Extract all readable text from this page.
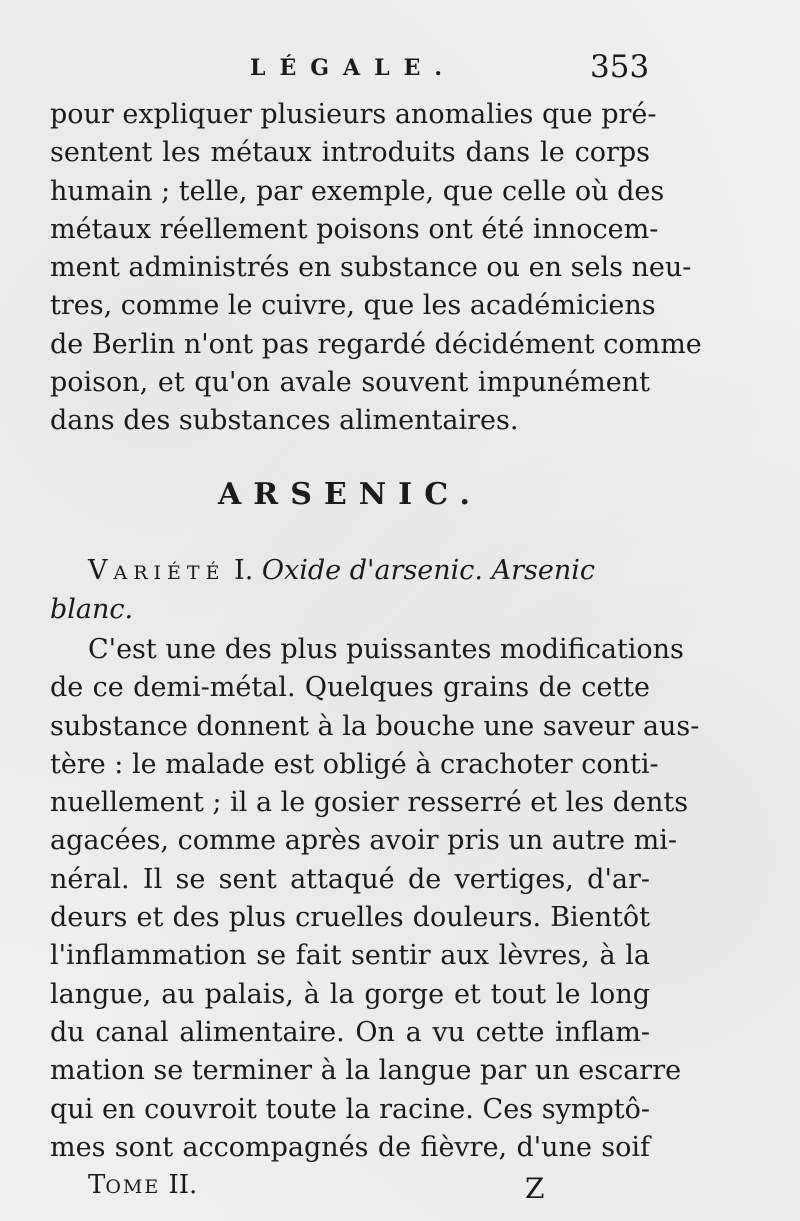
LÉGALE.	353
pour expliquer plusieurs anomalies que pré-
sentent les métaux introduits dans le corps
humain ; telle, par exemple, que celle où des
métaux réellement poisons ont été innocem-
ment administrés en substance ou en sels neu-
tres, comme le cuivre, que les académiciens
de Berlin n'ont pas regardé décidément comme
poison, et qu'on avale souvent impunément
dans des substances alimentaires.
ARSENIC.
VARIÉTÉ I. Oxide d'arsenic. Arsenic
blanc.
C'est une des plus puissantes modifications
de ce demi-métal. Quelques grains de cette
substance donnent à la bouche une saveur aus-
tère : le malade est obligé à crachoter conti-
nuellement ; il a le gosier resserré et les dents
agacées, comme après avoir pris un autre mi-
néral. Il se sent attaqué de vertiges, d'ar-
deurs et des plus cruelles douleurs. Bientôt
l'inflammation se fait sentir aux lèvres, à la
langue, au palais, à la gorge et tout le long
du canal alimentaire. On a vu cette inflam-
mation se terminer à la langue par un escarre
qui en couvroit toute la racine. Ces symptô-
mes sont accompagnés de fièvre, d'une soif
TOME II.	Z
